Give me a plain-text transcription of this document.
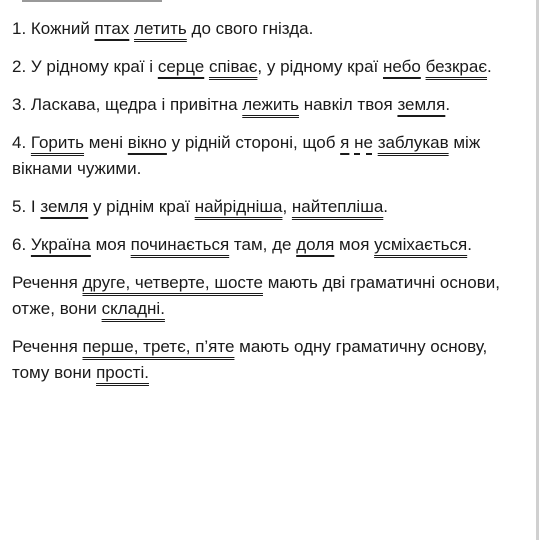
1. Кожний птах летить до свого гнізда.
2. У рідному краї і серце співає, у рідному краї небо безкрає.
3. Ласкава, щедра і привітна лежить навкіл твоя земля.
4. Горить мені вікно у рідній стороні, щоб я не заблукав між вікнами чужими.
5. І земля у ріднім краї найрідніша, найтепліша.
6. Україна моя починається там, де доля моя усміхається.
Речення друге, четверте, шосте мають дві граматичні основи, отже, вони складні.
Речення перше, третє, п’яте мають одну граматичну основу, тому вони прості.
